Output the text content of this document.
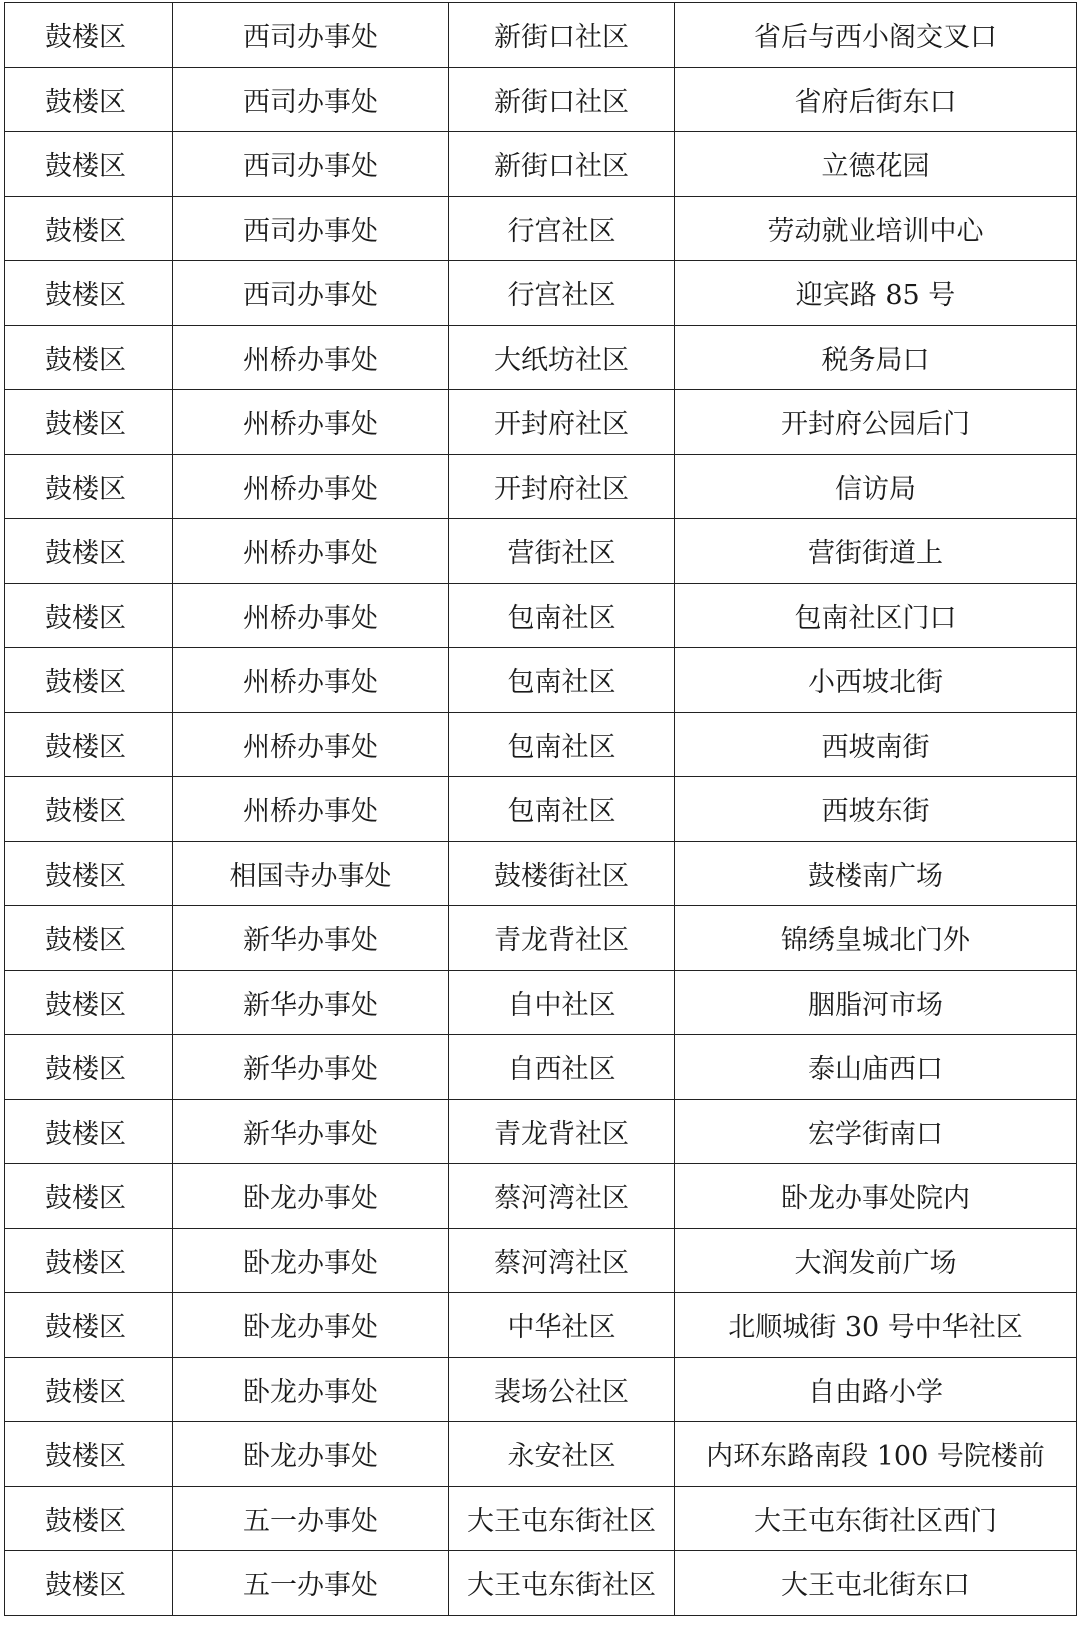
鼓楼区	西司办事处	新街口社区	省后与西小阁交叉口
鼓楼区	西司办事处	新街口社区	省府后街东口
鼓楼区	西司办事处	新街口社区	立德花园
鼓楼区	西司办事处	行宫社区	劳动就业培训中心
鼓楼区	西司办事处	行宫社区	迎宾路 85 号
鼓楼区	州桥办事处	大纸坊社区	税务局口
鼓楼区	州桥办事处	开封府社区	开封府公园后门
鼓楼区	州桥办事处	开封府社区	信访局
鼓楼区	州桥办事处	营街社区	营街街道上
鼓楼区	州桥办事处	包南社区	包南社区门口
鼓楼区	州桥办事处	包南社区	小西坡北街
鼓楼区	州桥办事处	包南社区	西坡南街
鼓楼区	州桥办事处	包南社区	西坡东街
鼓楼区	相国寺办事处	鼓楼街社区	鼓楼南广场
鼓楼区	新华办事处	青龙背社区	锦绣皇城北门外
鼓楼区	新华办事处	自中社区	胭脂河市场
鼓楼区	新华办事处	自西社区	泰山庙西口
鼓楼区	新华办事处	青龙背社区	宏学街南口
鼓楼区	卧龙办事处	蔡河湾社区	卧龙办事处院内
鼓楼区	卧龙办事处	蔡河湾社区	大润发前广场
鼓楼区	卧龙办事处	中华社区	北顺城街 30 号中华社区
鼓楼区	卧龙办事处	裴场公社区	自由路小学
鼓楼区	卧龙办事处	永安社区	内环东路南段 100 号院楼前
鼓楼区	五一办事处	大王屯东街社区	大王屯东街社区西门
鼓楼区	五一办事处	大王屯东街社区	大王屯北街东口
